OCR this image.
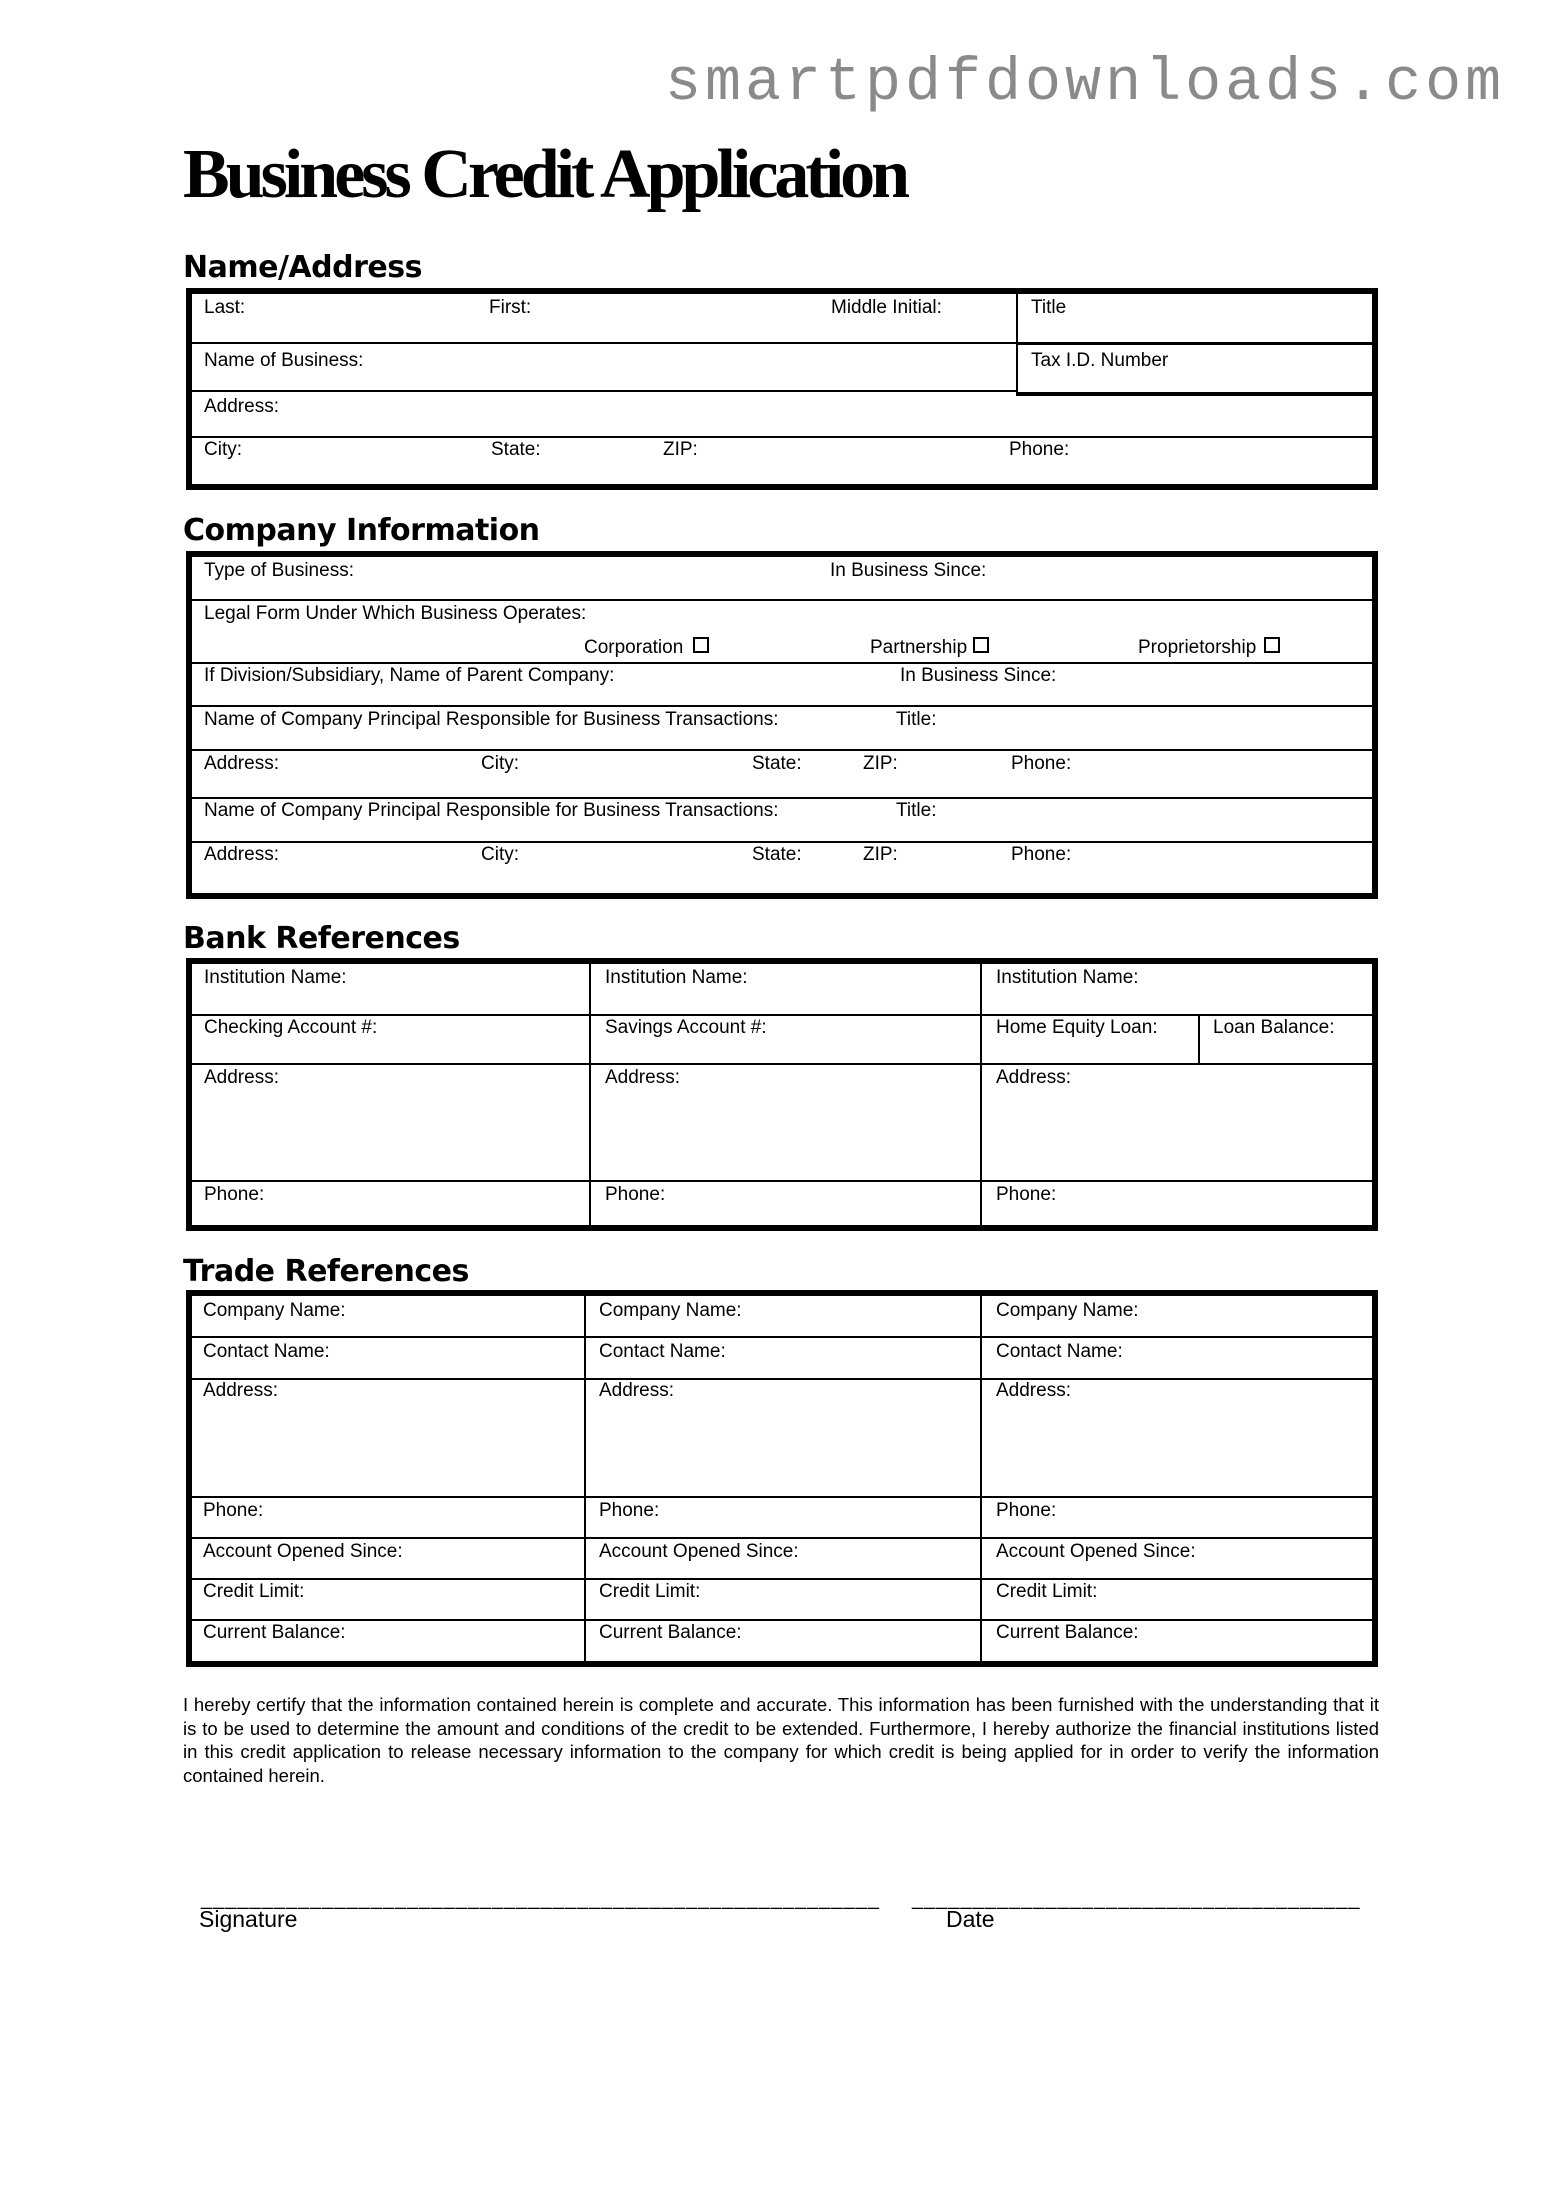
smartpdfdownloads.com
Business Credit Application
Name/Address
Last:	First:	Middle Initial:	Title
Name of Business:	Tax I.D. Number
Address:
City:	State:	ZIP:	Phone:
Company Information
Type of Business:	In Business Since:
Legal Form Under Which Business Operates:
Corporation	Partnership	Proprietorship
If Division/Subsidiary, Name of Parent Company:	In Business Since:
Name of Company Principal Responsible for Business Transactions:	Title:
Address:	City:	State:	ZIP:	Phone:
Name of Company Principal Responsible for Business Transactions:	Title:
Address:	City:	State:	ZIP:	Phone:
Bank References
Institution Name:	Institution Name:	Institution Name:
Checking Account #:	Savings Account #:	Home Equity Loan:	Loan Balance:
Address:	Address:	Address:
Phone:	Phone:	Phone:
Trade References
Company Name:	Company Name:	Company Name:
Contact Name:	Contact Name:	Contact Name:
Address:	Address:	Address:
Phone:	Phone:	Phone:
Account Opened Since:	Account Opened Since:	Account Opened Since:
Credit Limit:	Credit Limit:	Credit Limit:
Current Balance:	Current Balance:	Current Balance:
I hereby certify that the information contained herein is complete and accurate. This information has been furnished with the understanding that it is to be used to determine the amount and conditions of the credit to be extended. Furthermore, I hereby authorize the financial institutions listed in this credit application to release necessary information to the company for which credit is being applied for in order to verify the information contained herein.
________________________________________________________ _____________________________________
Signature	Date
